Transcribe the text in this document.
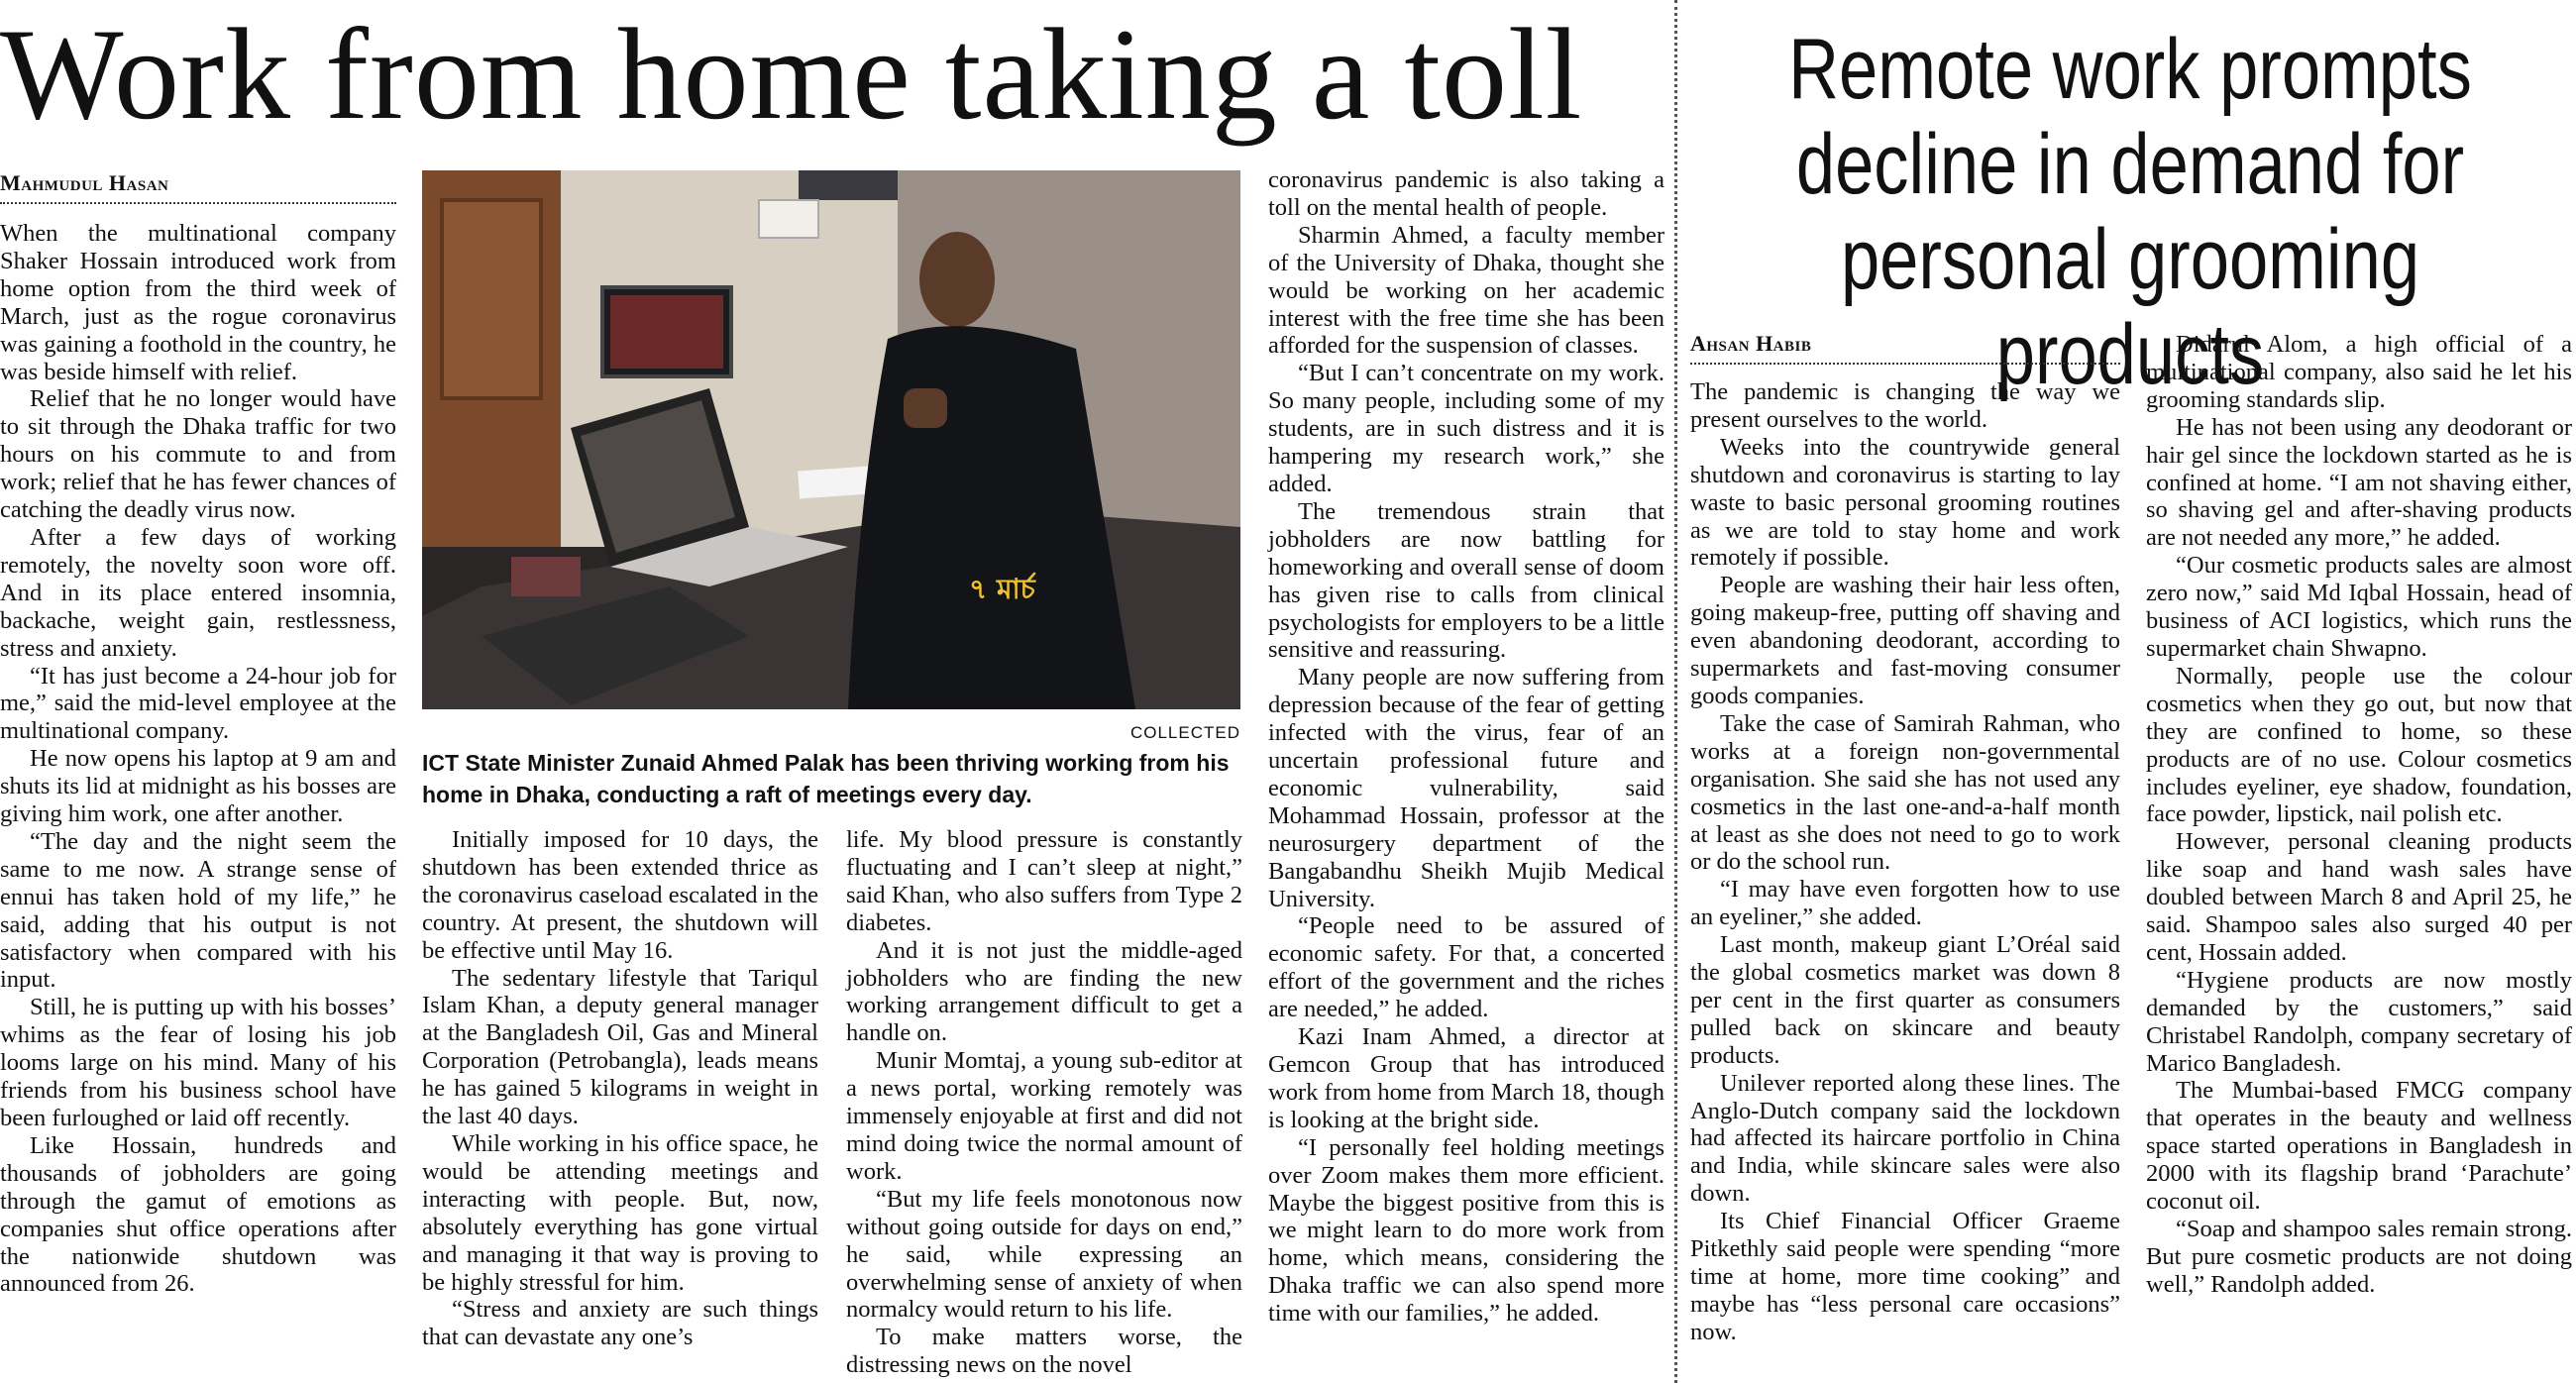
Work from home taking a toll
Mahmudul Hasan

When the multinational company Shaker Hossain introduced work from home option from the third week of March, just as the rogue coronavirus was gaining a foothold in the country, he was beside himself with relief.

Relief that he no longer would have to sit through the Dhaka traffic for two hours on his commute to and from work; relief that he has fewer chances of catching the deadly virus now.

After a few days of working remotely, the novelty soon wore off. And in its place entered insomnia, backache, weight gain, restlessness, stress and anxiety.

“It has just become a 24-hour job for me,” said the mid-level employee at the multinational company.

He now opens his laptop at 9 am and shuts its lid at midnight as his bosses are giving him work, one after another.

“The day and the night seem the same to me now. A strange sense of ennui has taken hold of my life,” he said, adding that his output is not satisfactory when compared with his input.

Still, he is putting up with his bosses’ whims as the fear of losing his job looms large on his mind. Many of his friends from his business school have been furloughed or laid off recently.

Like Hossain, hundreds and thousands of jobholders are going through the gamut of emotions as companies shut office operations after the nationwide shutdown was announced from 26.

৭ মার্চ
COLLECTED
ICT State Minister Zunaid Ahmed Palak has been thriving working from his home in Dhaka, conducting a raft of meetings every day.

Initially imposed for 10 days, the shutdown has been extended thrice as the coronavirus caseload escalated in the country. At present, the shutdown will be effective until May 16.

The sedentary lifestyle that Tariqul Islam Khan, a deputy general manager at the Bangladesh Oil, Gas and Mineral Corporation (Petrobangla), leads means he has gained 5 kilograms in weight in the last 40 days.

While working in his office space, he would be attending meetings and interacting with people. But, now, absolutely everything has gone virtual and managing it that way is proving to be highly stressful for him.

“Stress and anxiety are such things that can devastate any one’s

life. My blood pressure is constantly fluctuating and I can’t sleep at night,” said Khan, who also suffers from Type 2 diabetes.

And it is not just the middle-aged jobholders who are finding the new working arrangement difficult to get a handle on.

Munir Momtaj, a young sub-editor at a news portal, working remotely was immensely enjoyable at first and did not mind doing twice the normal amount of work.

“But my life feels monotonous now without going outside for days on end,” he said, while expressing an overwhelming sense of anxiety of when normalcy would return to his life.

To make matters worse, the distressing news on the novel

coronavirus pandemic is also taking a toll on the mental health of people.

Sharmin Ahmed, a faculty member of the University of Dhaka, thought she would be working on her academic interest with the free time she has been afforded for the suspension of classes.

“But I can’t concentrate on my work. So many people, including some of my students, are in such distress and it is hampering my research work,” she added.

The tremendous strain that jobholders are now battling for homeworking and overall sense of doom has given rise to calls from clinical psychologists for employers to be a little sensitive and reassuring.

Many people are now suffering from depression because of the fear of getting infected with the virus, fear of an uncertain professional future and economic vulnerability, said Mohammad Hossain, professor at the neurosurgery department of the Bangabandhu Sheikh Mujib Medical University.

“People need to be assured of economic safety. For that, a concerted effort of the government and the riches are needed,” he added.

Kazi Inam Ahmed, a director at Gemcon Group that has introduced work from home from March 18, though is looking at the bright side.

“I personally feel holding meetings over Zoom makes them more efficient. Maybe the biggest positive from this is we might learn to do more work from home, which means, considering the Dhaka traffic we can also spend more time with our families,” he added.

Remote work prompts decline in demand for personal grooming products
Ahsan Habib

The pandemic is changing the way we present ourselves to the world.

Weeks into the countrywide general shutdown and coronavirus is starting to lay waste to basic personal grooming routines as we are told to stay home and work remotely if possible.

People are washing their hair less often, going makeup-free, putting off shaving and even abandoning deodorant, according to supermarkets and fast-moving consumer goods companies.

Take the case of Samirah Rahman, who works at a foreign non-governmental organisation. She said she has not used any cosmetics in the last one-and-a-half month at least as she does not need to go to work or do the school run.

“I may have even forgotten how to use an eyeliner,” she added.

Last month, makeup giant L’Oréal said the global cosmetics market was down 8 per cent in the first quarter as consumers pulled back on skincare and beauty products.

Unilever reported along these lines. The Anglo-Dutch company said the lockdown had affected its haircare portfolio in China and India, while skincare sales were also down.

Its Chief Financial Officer Graeme Pitkethly said people were spending “more time at home, more time cooking” and maybe has “less personal care occasions” now.

Didarul Alom, a high official of a multinational company, also said he let his grooming standards slip.

He has not been using any deodorant or hair gel since the lockdown started as he is confined at home. “I am not shaving either, so shaving gel and after-shaving products are not needed any more,” he added.

“Our cosmetic products sales are almost zero now,” said Md Iqbal Hossain, head of business of ACI logistics, which runs the supermarket chain Shwapno.

Normally, people use the colour cosmetics when they go out, but now that they are confined to home, so these products are of no use. Colour cosmetics includes eyeliner, eye shadow, foundation, face powder, lipstick, nail polish etc.

However, personal cleaning products like soap and hand wash sales have doubled between March 8 and April 25, he said. Shampoo sales also surged 40 per cent, Hossain added.

“Hygiene products are now mostly demanded by the customers,” said Christabel Randolph, company secretary of Marico Bangladesh.

The Mumbai-based FMCG company that operates in the beauty and wellness space started operations in Bangladesh in 2000 with its flagship brand ‘Parachute’ coconut oil.

“Soap and shampoo sales remain strong. But pure cosmetic products are not doing well,” Randolph added.
